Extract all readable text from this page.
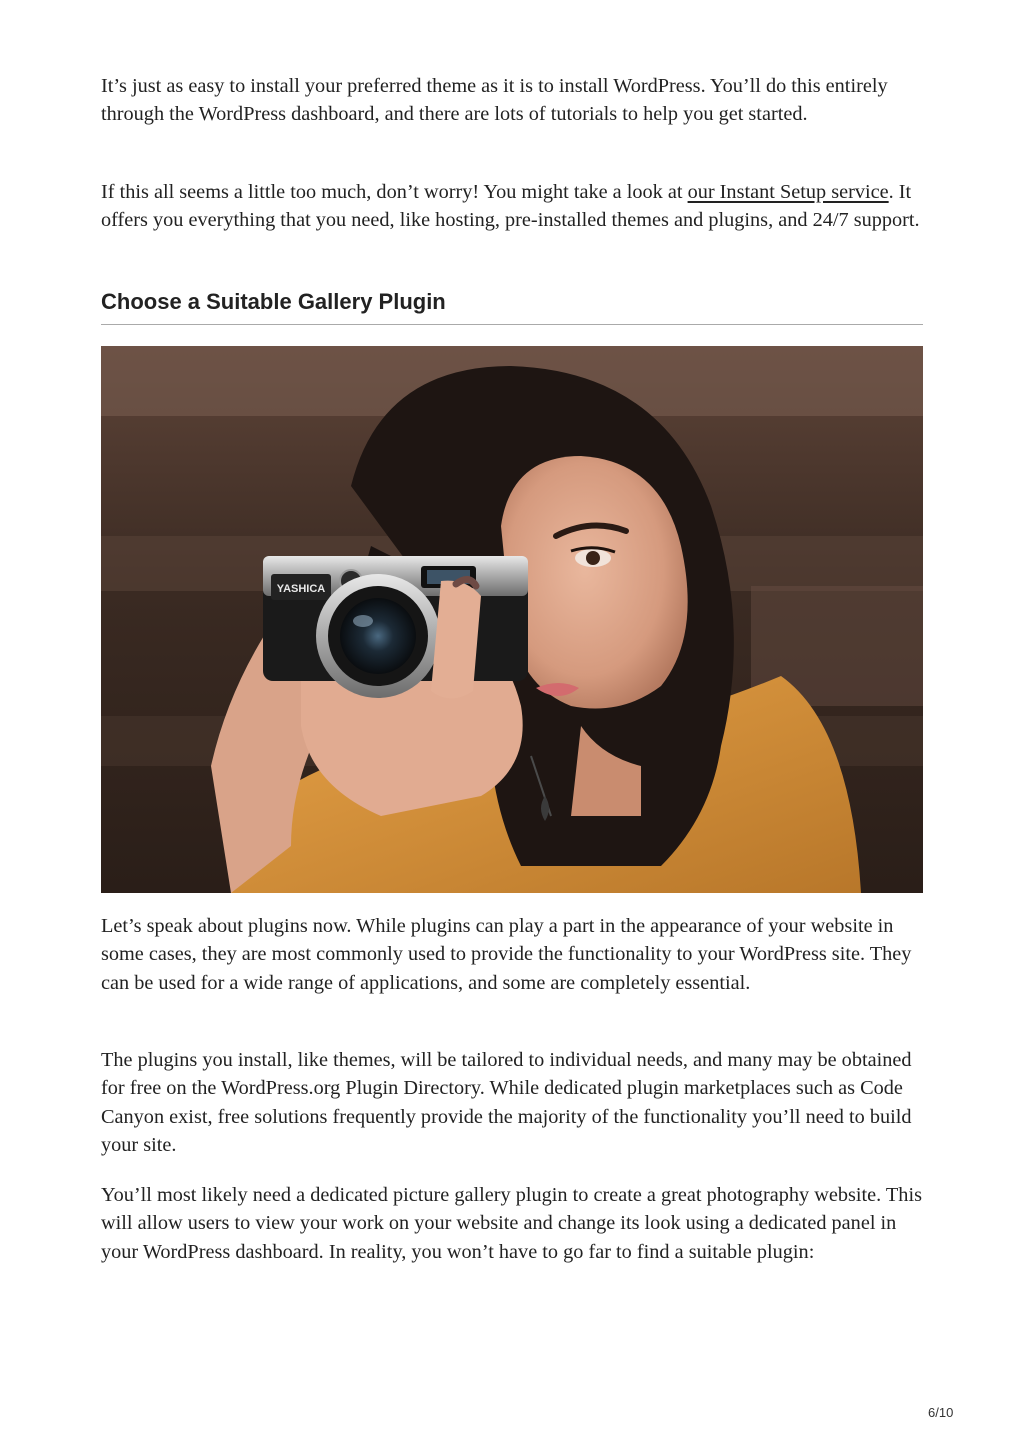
It’s just as easy to install your preferred theme as it is to install WordPress. You’ll do this entirely through the WordPress dashboard, and there are lots of tutorials to help you get started.

If this all seems a little too much, don’t worry! You might take a look at our Instant Setup service. It offers you everything that you need, like hosting, pre-installed themes and plugins, and 24/7 support.

Choose a Suitable Gallery Plugin
YASHICA

Let’s speak about plugins now. While plugins can play a part in the appearance of your website in some cases, they are most commonly used to provide the functionality to your WordPress site. They can be used for a wide range of applications, and some are completely essential.

The plugins you install, like themes, will be tailored to individual needs, and many may be obtained for free on the WordPress.org Plugin Directory. While dedicated plugin marketplaces such as Code Canyon exist, free solutions frequently provide the majority of the functionality you’ll need to build your site.

You’ll most likely need a dedicated picture gallery plugin to create a great photography website. This will allow users to view your work on your website and change its look using a dedicated panel in your WordPress dashboard. In reality, you won’t have to go far to find a suitable plugin:

6/10
